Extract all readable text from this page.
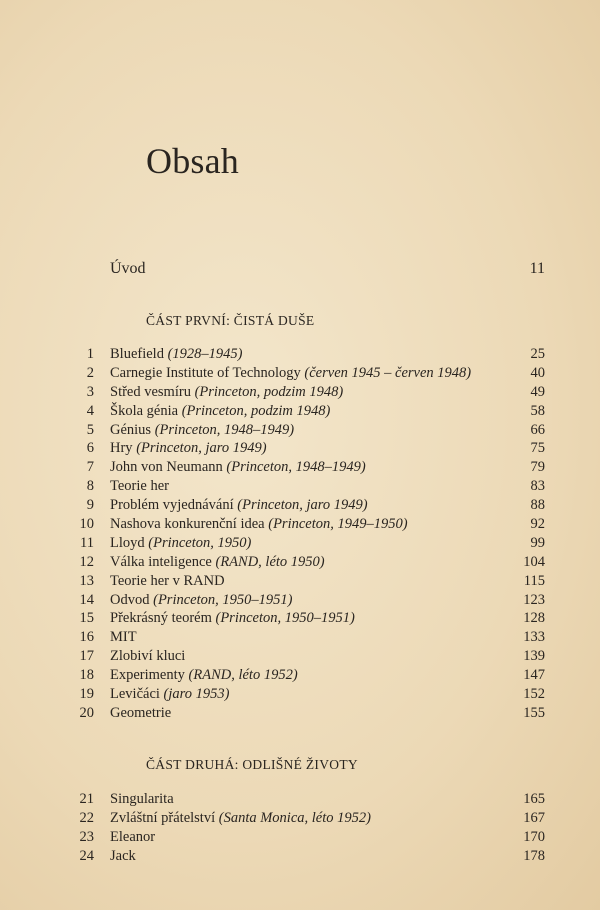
Obsah
Úvod	11
ČÁST PRVNÍ: ČISTÁ DUŠE
1 Bluefield (1928–1945)	25
2 Carnegie Institute of Technology (červen 1945 – červen 1948)	40
3 Střed vesmíru (Princeton, podzim 1948)	49
4 Škola génia (Princeton, podzim 1948)	58
5 Génius (Princeton, 1948–1949)	66
6 Hry (Princeton, jaro 1949)	75
7 John von Neumann (Princeton, 1948–1949)	79
8 Teorie her	83
9 Problém vyjednávání (Princeton, jaro 1949)	88
10 Nashova konkurenční idea (Princeton, 1949–1950)	92
11 Lloyd (Princeton, 1950)	99
12 Válka inteligence (RAND, léto 1950)	104
13 Teorie her v RAND	115
14 Odvod (Princeton, 1950–1951)	123
15 Překrásný teorém (Princeton, 1950–1951)	128
16 MIT	133
17 Zlobiví kluci	139
18 Experimenty (RAND, léto 1952)	147
19 Levičáci (jaro 1953)	152
20 Geometrie	155
ČÁST DRUHÁ: ODLIŠNÉ ŽIVOTY
21 Singularita	165
22 Zvláštní přátelství (Santa Monica, léto 1952)	167
23 Eleanor	170
24 Jack	178
